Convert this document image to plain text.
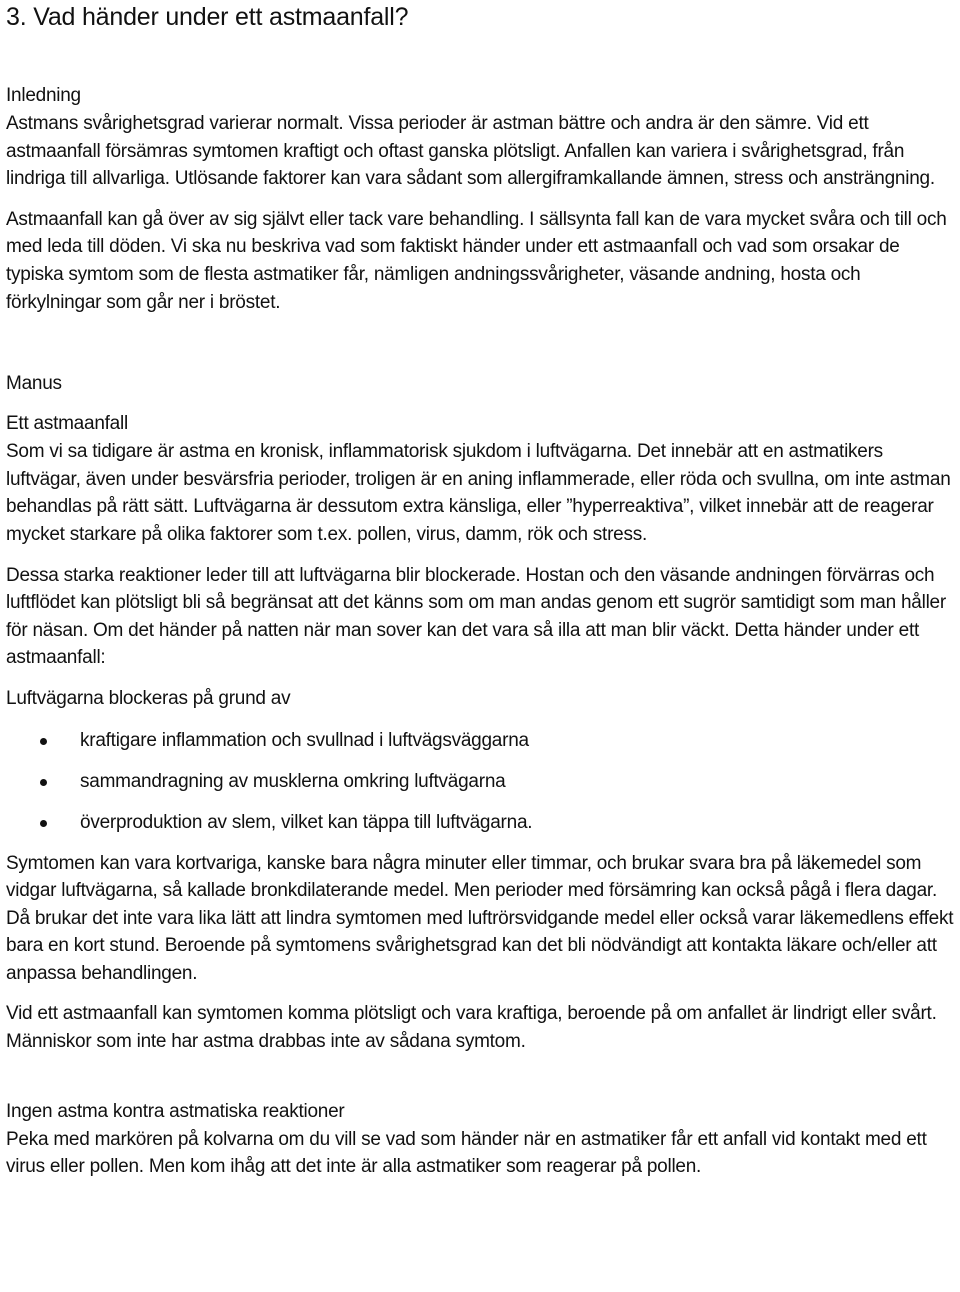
3. Vad händer under ett astmaanfall?

Inledning

Astmans svårighetsgrad varierar normalt. Vissa perioder är astman bättre och andra är den sämre. Vid ett astmaanfall försämras symtomen kraftigt och oftast ganska plötsligt. Anfallen kan variera i svårighetsgrad, från lindriga till allvarliga. Utlösande faktorer kan vara sådant som allergiframkallande ämnen, stress och ansträngning.

Astmaanfall kan gå över av sig självt eller tack vare behandling. I sällsynta fall kan de vara mycket svåra och till och med leda till döden. Vi ska nu beskriva vad som faktiskt händer under ett astmaanfall och vad som orsakar de typiska symtom som de flesta astmatiker får, nämligen andningssvårigheter, väsande andning, hosta och förkylningar som går ner i bröstet.

Manus

Ett astmaanfall

Som vi sa tidigare är astma en kronisk, inflammatorisk sjukdom i luftvägarna. Det innebär att en astmatikers luftvägar, även under besvärsfria perioder, troligen är en aning inflammerade, eller röda och svullna, om inte astman behandlas på rätt sätt. Luftvägarna är dessutom extra känsliga, eller ”hyperreaktiva”, vilket innebär att de reagerar mycket starkare på olika faktorer som t.ex. pollen, virus, damm, rök och stress.

Dessa starka reaktioner leder till att luftvägarna blir blockerade. Hostan och den väsande andningen förvärras och luftflödet kan plötsligt bli så begränsat att det känns som om man andas genom ett sugrör samtidigt som man håller för näsan. Om det händer på natten när man sover kan det vara så illa att man blir väckt. Detta händer under ett astmaanfall:

Luftvägarna blockeras på grund av

kraftigare inflammation och svullnad i luftvägsväggarna
sammandragning av musklerna omkring luftvägarna
överproduktion av slem, vilket kan täppa till luftvägarna.

Symtomen kan vara kortvariga, kanske bara några minuter eller timmar, och brukar svara bra på läkemedel som vidgar luftvägarna, så kallade bronkdilaterande medel. Men perioder med försämring kan också pågå i flera dagar. Då brukar det inte vara lika lätt att lindra symtomen med luftrörsvidgande medel eller också varar läkemedlens effekt bara en kort stund. Beroende på symtomens svårighetsgrad kan det bli nödvändigt att kontakta läkare och/eller att anpassa behandlingen.

Vid ett astmaanfall kan symtomen komma plötsligt och vara kraftiga, beroende på om anfallet är lindrigt eller svårt. Människor som inte har astma drabbas inte av sådana symtom.

Ingen astma kontra astmatiska reaktioner

Peka med markören på kolvarna om du vill se vad som händer när en astmatiker får ett anfall vid kontakt med ett virus eller pollen. Men kom ihåg att det inte är alla astmatiker som reagerar på pollen.
